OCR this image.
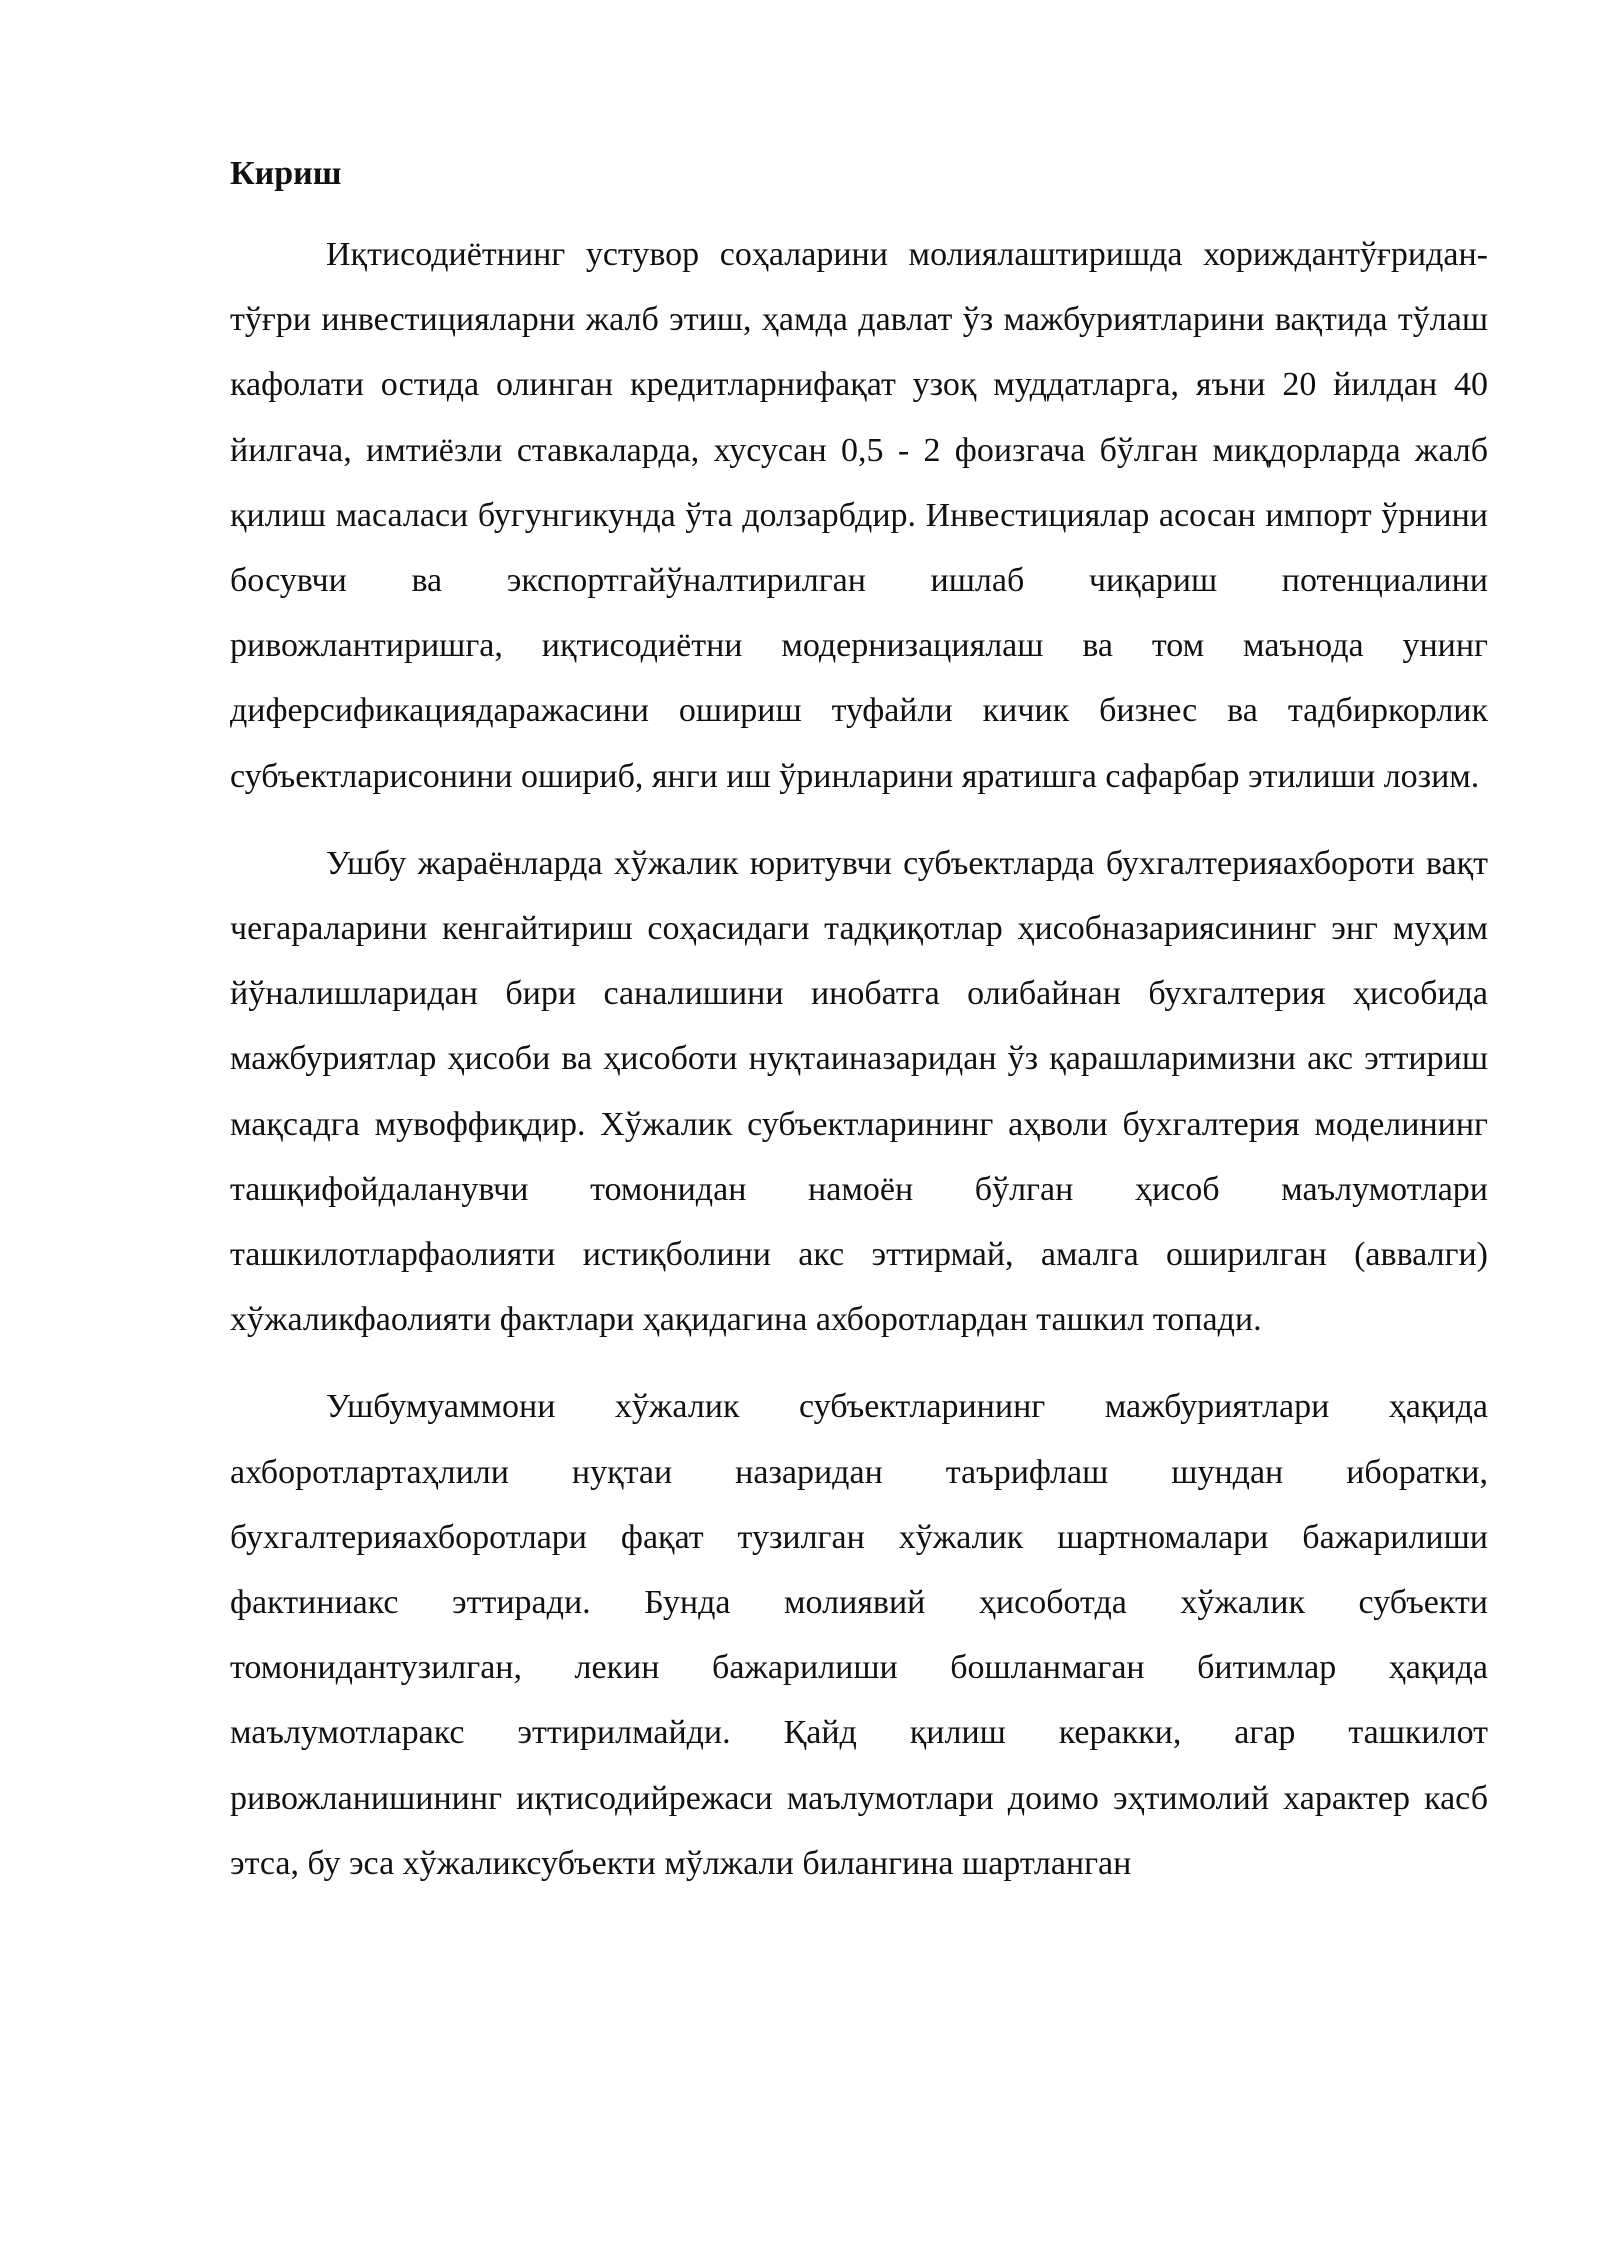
Кириш

Иқтисодиётнинг устувор соҳаларини молиялаштиришда хориждантўғридан-тўғри инвестицияларни жалб этиш, ҳамда давлат ўз мажбуриятларини вақтида тўлаш кафолати остида олинган кредитларнифақат узоқ муддатларга, яъни 20 йилдан 40 йилгача, имтиёзли ставкаларда, хусусан 0,5 - 2 фоизгача бўлган миқдорларда жалб қилиш масаласи бугунгикунда ўта долзарбдир. Инвестициялар асосан импорт ўрнини босувчи ва экспортгайўналтирилган ишлаб чиқариш потенциалини ривожлантиришга, иқтисодиётни модернизациялаш ва том маънода унинг диферсификациядаражасини ошириш туфайли кичик бизнес ва тадбиркорлик субъектларисонини ошириб, янги иш ўринларини яратишга сафарбар этилиши лозим.

Ушбу жараёнларда хўжалик юритувчи субъектларда бухгалтерияахбороти вақт чегараларини кенгайтириш соҳасидаги тадқиқотлар ҳисобназариясининг энг муҳим йўналишларидан бири саналишини инобатга олибайнан бухгалтерия ҳисобида мажбуриятлар ҳисоби ва ҳисоботи нуқтаиназаридан ўз қарашларимизни акс эттириш мақсадга мувоффиқдир. Хўжалик субъектларининг аҳволи бухгалтерия моделининг ташқифойдаланувчи томонидан намоён бўлган ҳисоб маълумотлари ташкилотларфаолияти истиқболини акс эттирмай, амалга оширилган (аввалги) хўжаликфаолияти фактлари ҳақидагина ахборотлардан ташкил топади.

Ушбумуаммони хўжалик субъектларининг мажбуриятлари ҳақида ахборотлартаҳлили нуқтаи назаридан таърифлаш шундан иборатки, бухгалтерияахборотлари фақат тузилган хўжалик шартномалари бажарилиши фактиниакс эттиради. Бунда молиявий ҳисоботда хўжалик субъекти томонидантузилган, лекин бажарилиши бошланмаган битимлар ҳақида маълумотларакс эттирилмайди. Қайд қилиш керакки, агар ташкилот ривожланишининг иқтисодийрежаси маълумотлари доимо эҳтимолий характер касб этса, бу эса хўжаликсубъекти мўлжали билангина шартланган
